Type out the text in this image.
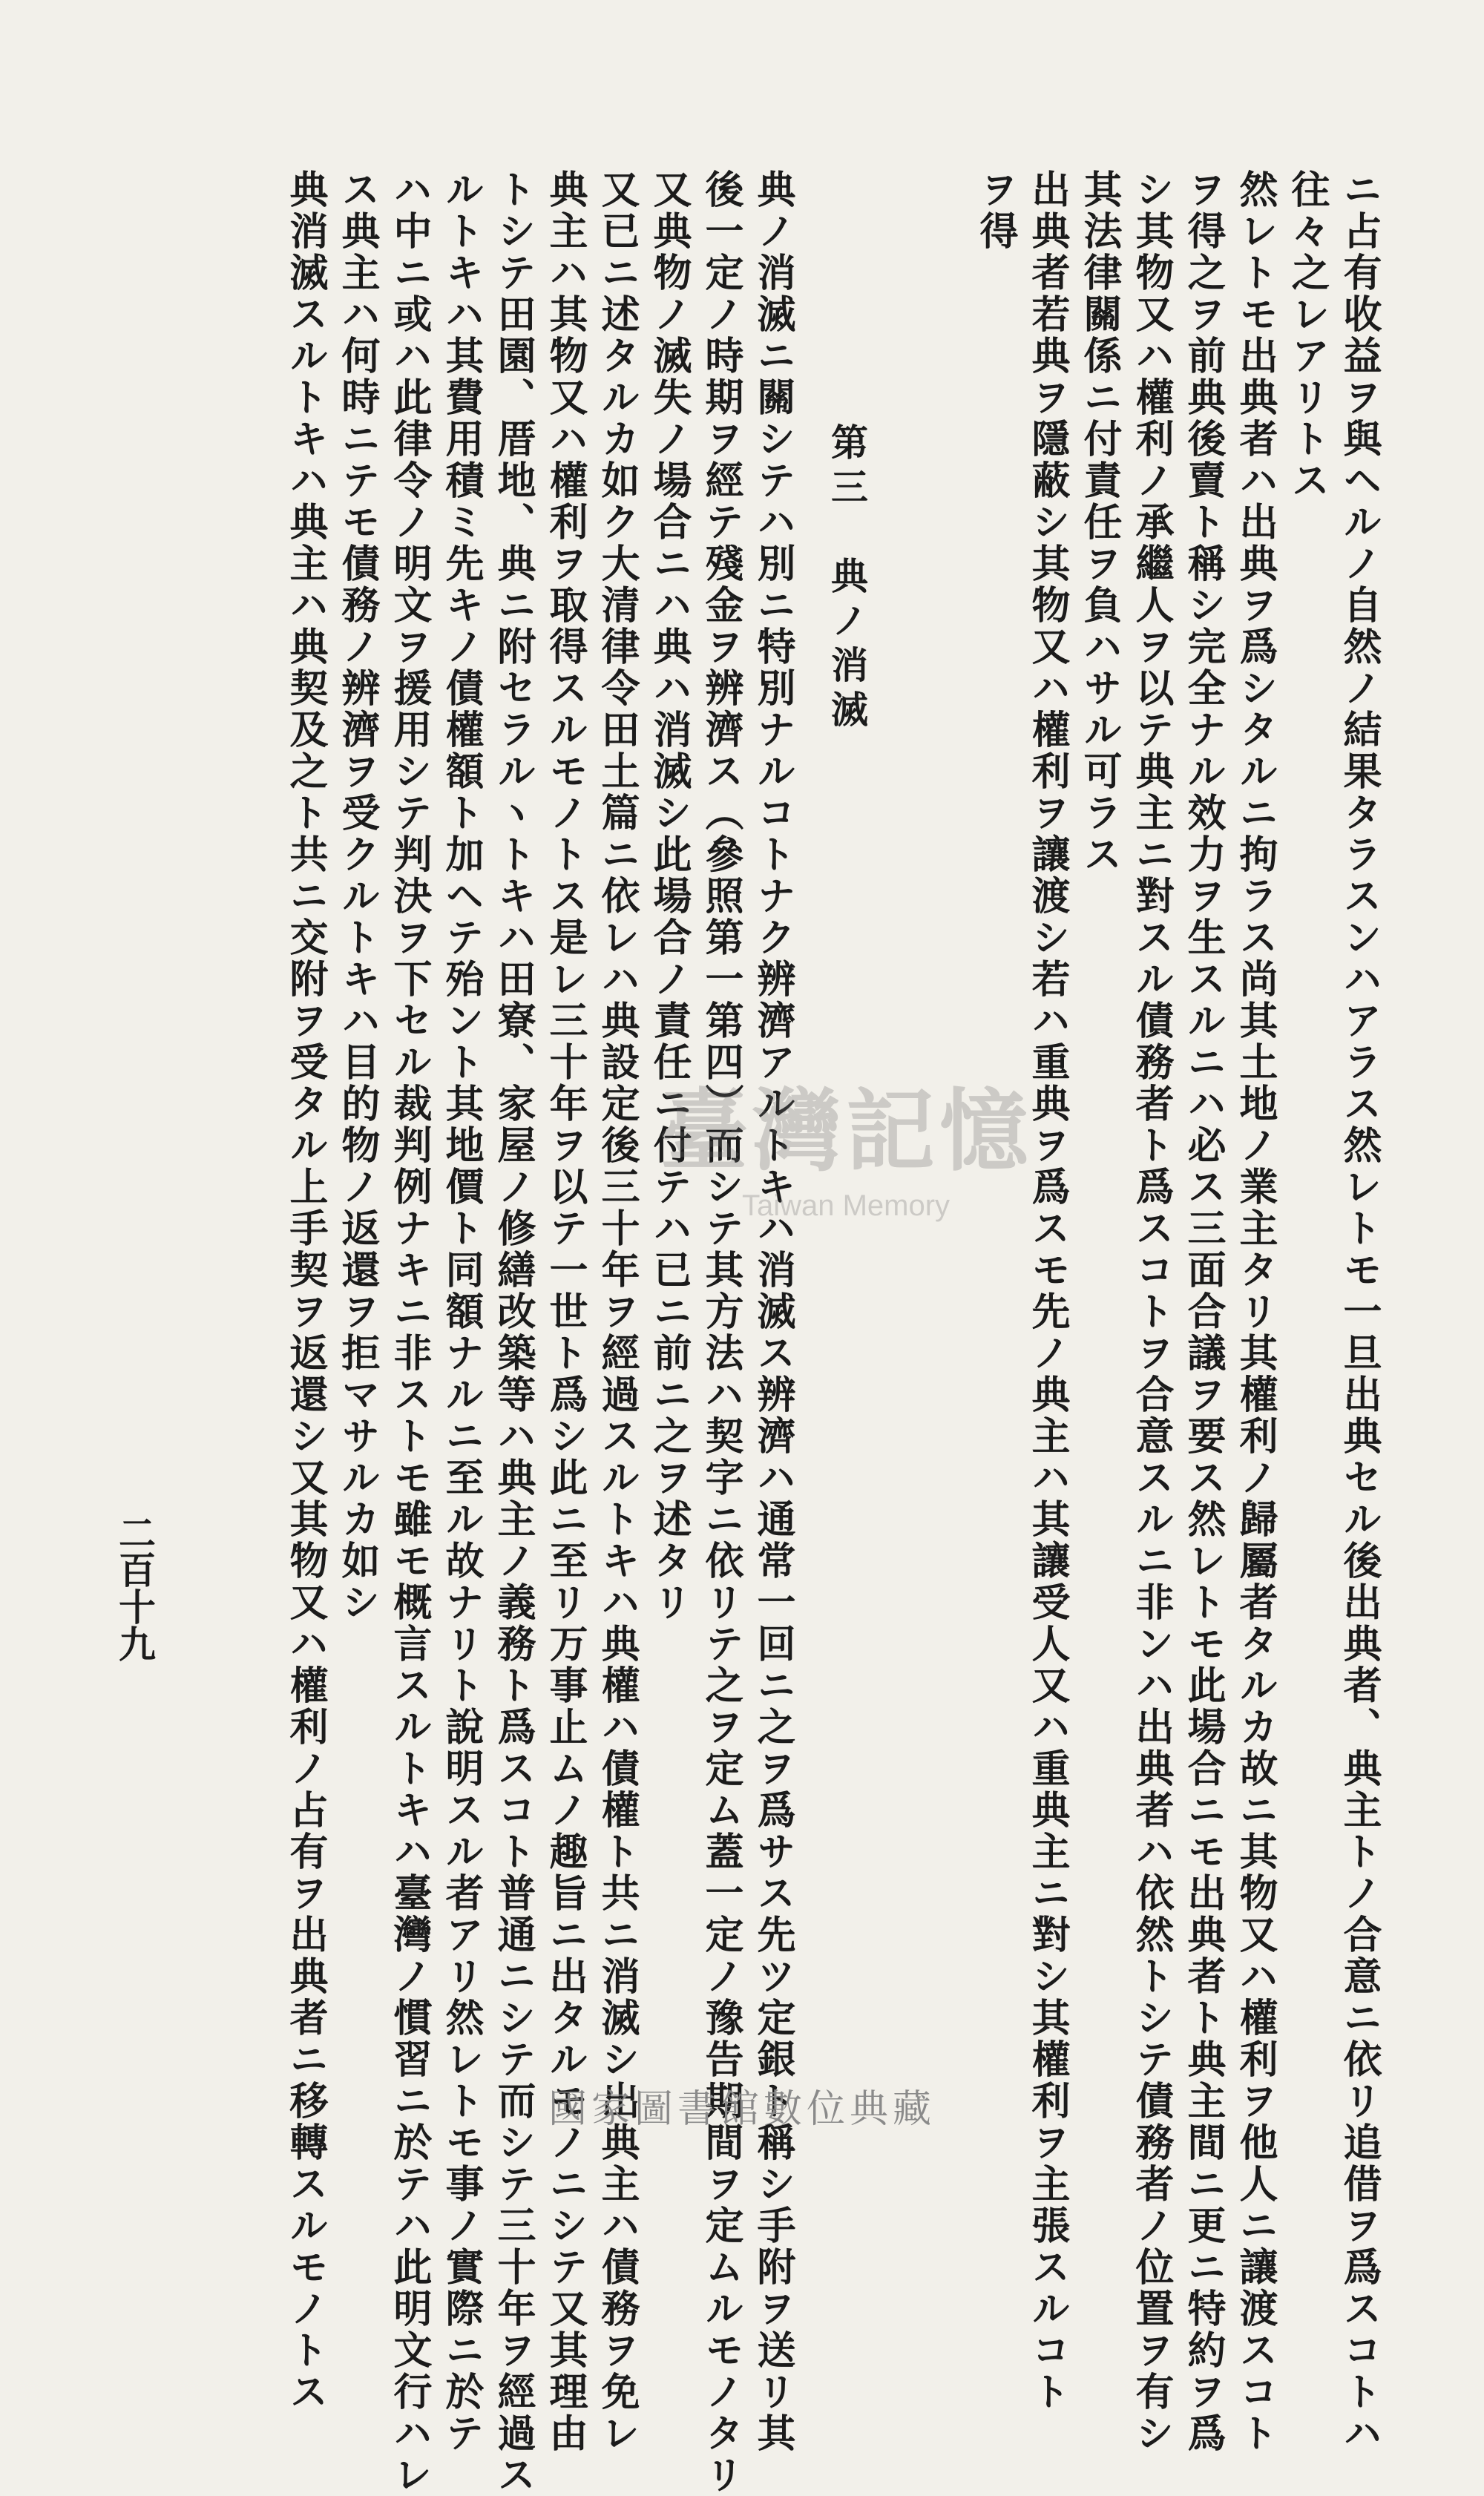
ニ占有收益ヲ與ヘルノ自然ノ結果タラスンハアラス然レトモ一旦出典セル後出典者、典主トノ合意ニ依リ追借ヲ爲スコトハ
往々之レアリトス
然レトモ出典者ハ出典ヲ爲シタルニ拘ラス尚其土地ノ業主タリ其權利ノ歸屬者タルカ故ニ其物又ハ權利ヲ他人ニ讓渡スコト
ヲ得之ヲ前典後賣ト稱シ完全ナル效力ヲ生スルニハ必ス三面合議ヲ要ス然レトモ此場合ニモ出典者ト典主間ニ更ニ特約ヲ爲
シ其物又ハ權利ノ承繼人ヲ以テ典主ニ對スル債務者ト爲スコトヲ合意スルニ非ンハ出典者ハ依然トシテ債務者ノ位置ヲ有シ
其法律關係ニ付責任ヲ負ハサル可ラス
出典者若典ヲ隱蔽シ其物又ハ權利ヲ讓渡シ若ハ重典ヲ爲スモ先ノ典主ハ其讓受人又ハ重典主ニ對シ其權利ヲ主張スルコト
ヲ得
第三　典ノ消滅
典ノ消滅ニ關シテハ別ニ特別ナルコトナク辨濟アルトキハ消滅ス辨濟ハ通常一回ニ之ヲ爲サス先ツ定銀ト稱シ手附ヲ送リ其
後一定ノ時期ヲ經テ殘金ヲ辨濟ス（參照第一第四）而シテ其方法ハ契字ニ依リテ之ヲ定ム蓋一定ノ豫告期間ヲ定ムルモノタリ
又典物ノ滅失ノ場合ニハ典ハ消滅シ此場合ノ責任ニ付テハ已ニ前ニ之ヲ述タリ
又已ニ述タルカ如ク大清律令田土篇ニ依レハ典設定後三十年ヲ經過スルトキハ典權ハ債權ト共ニ消滅シ出典主ハ債務ヲ免レ
典主ハ其物又ハ權利ヲ取得スルモノトス是レ三十年ヲ以テ一世ト爲シ此ニ至リ万事止ムノ趣旨ニ出タルモノニシテ又其理由
トシテ田園、厝地、典ニ附セラルヽトキハ田寮、家屋ノ修繕改築等ハ典主ノ義務ト爲スコト普通ニシテ而シテ三十年ヲ經過ス
ルトキハ其費用積ミ先キノ債權額ト加ヘテ殆ント其地價ト同額ナルニ至ル故ナリト說明スル者アリ然レトモ事ノ實際ニ於テ
ハ中ニ或ハ此律令ノ明文ヲ援用シテ判決ヲ下セル裁判例ナキニ非ストモ雖モ概言スルトキハ臺灣ノ慣習ニ於テハ此明文行ハレ
ス典主ハ何時ニテモ債務ノ辨濟ヲ受クルトキハ目的物ノ返還ヲ拒マサルカ如シ
典消滅スルトキハ典主ハ典契及之ト共ニ交附ヲ受タル上手契ヲ返還シ又其物又ハ權利ノ占有ヲ出典者ニ移轉スルモノトス
二百十九
臺灣記憶
Taiwan Memory
國家圖書館數位典藏
